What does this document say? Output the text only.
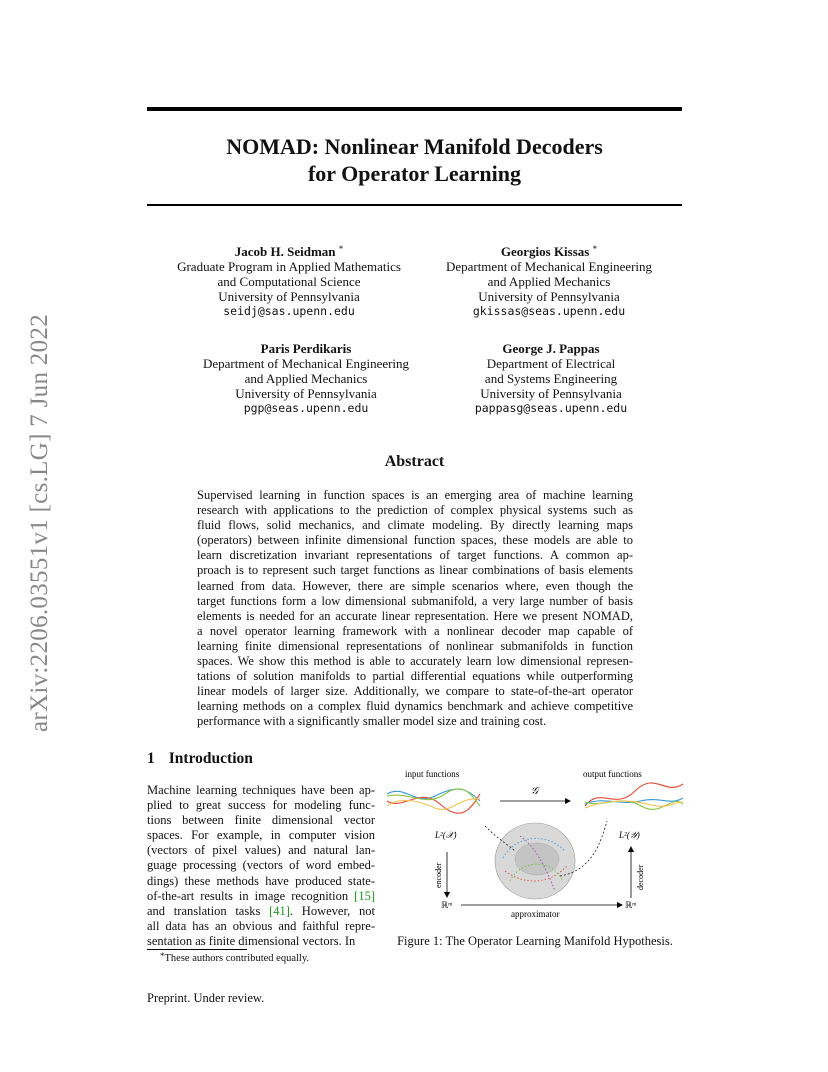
arXiv:2206.03551v1 [cs.LG] 7 Jun 2022
NOMAD: Nonlinear Manifold Decoders
for Operator Learning
Jacob H. Seidman *
Graduate Program in Applied Mathematics
and Computational Science
University of Pennsylvania
seidj@sas.upenn.edu
Georgios Kissas *
Department of Mechanical Engineering
and Applied Mechanics
University of Pennsylvania
gkissas@seas.upenn.edu
Paris Perdikaris
Department of Mechanical Engineering
and Applied Mechanics
University of Pennsylvania
pgp@seas.upenn.edu
George J. Pappas
Department of Electrical
and Systems Engineering
University of Pennsylvania
pappasg@seas.upenn.edu
Abstract
Supervised learning in function spaces is an emerging area of machine learning
research with applications to the prediction of complex physical systems such as
fluid flows, solid mechanics, and climate modeling. By directly learning maps
(operators) between infinite dimensional function spaces, these models are able to
learn discretization invariant representations of target functions. A common ap-
proach is to represent such target functions as linear combinations of basis elements
learned from data. However, there are simple scenarios where, even though the
target functions form a low dimensional submanifold, a very large number of basis
elements is needed for an accurate linear representation. Here we present NOMAD,
a novel operator learning framework with a nonlinear decoder map capable of
learning finite dimensional representations of nonlinear submanifolds in function
spaces. We show this method is able to accurately learn low dimensional represen-
tations of solution manifolds to partial differential equations while outperforming
linear models of larger size. Additionally, we compare to state-of-the-art operator
learning methods on a complex fluid dynamics benchmark and achieve competitive
performance with a significantly smaller model size and training cost.
1 Introduction
Machine learning techniques have been ap-
plied to great success for modeling func-
tions between finite dimensional vector
spaces. For example, in computer vision
(vectors of pixel values) and natural lan-
guage processing (vectors of word embed-
dings) these methods have produced state-
of-the-art results in image recognition [15]
and translation tasks [41]. However, not
all data has an obvious and faithful repre-
sentation as finite dimensional vectors. In
input functions	output functions
𝒢
L²(𝒳)	L²(𝒴)
encoder	decoder
ℝᵐ	ℝᵐ
approximator
Figure 1: The Operator Learning Manifold Hypothesis.
*These authors contributed equally.
Preprint. Under review.
